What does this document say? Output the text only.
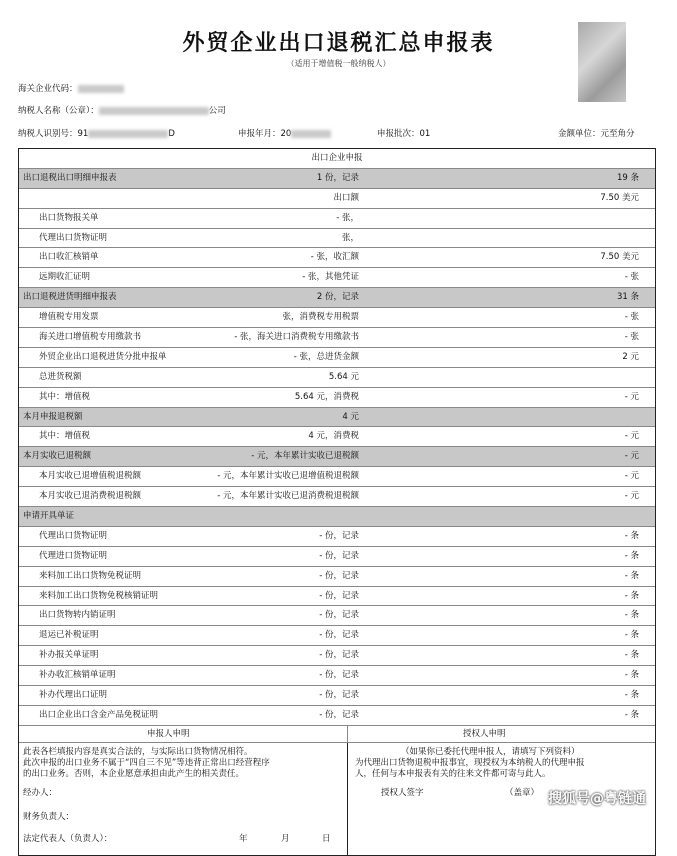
外贸企业出口退税汇总申报表
（适用于增值税一般纳税人）
海关企业代码：
纳税人名称（公章）：	公司
纳税人识别号：91	D	申报年月：20	申报批次：01	金额单位：元至角分
出口企业申报
出口退税出口明细申报表	1 份，记录	19 条
出口额	7.50 美元
出口货物报关单	- 张，
代理出口货物证明	张，
出口收汇核销单	- 张，收汇额	7.50 美元
远期收汇证明	- 张，其他凭证	- 张
出口退税进货明细申报表	2 份，记录	31 条
增值税专用发票	张，消费税专用税票	- 张
海关进口增值税专用缴款书	- 张，海关进口消费税专用缴款书	- 张
外贸企业出口退税进货分批申报单	- 张，总进货金额	2 元
总进货税额	5.64 元
其中：增值税	5.64 元，消费税	- 元
本月申报退税额	4 元
其中：增值税	4 元，消费税	- 元
本月实收已退税额	- 元，本年累计实收已退税额	- 元
本月实收已退增值税退税额	- 元，本年累计实收已退增值税退税额	- 元
本月实收已退消费税退税额	- 元，本年累计实收已退消费税退税额	- 元
申请开具单证
代理出口货物证明	- 份，记录	- 条
代理进口货物证明	- 份，记录	- 条
来料加工出口货物免税证明	- 份，记录	- 条
来料加工出口货物免税核销证明	- 份，记录	- 条
出口货物转内销证明	- 份，记录	- 条
退运已补税证明	- 份，记录	- 条
补办报关单证明	- 份，记录	- 条
补办收汇核销单证明	- 份，记录	- 条
补办代理出口证明	- 份，记录	- 条
出口企业出口含金产品免税证明	- 份，记录	- 条
申报人申明	授权人申明
此表各栏填报内容是真实合法的，与实际出口货物情况相符。
此次申报的出口业务不属于“四自三不见”等违背正常出口经营程序
的出口业务。否则，本企业愿意承担由此产生的相关责任。
经办人：
财务负责人：
法定代表人（负责人）：	年	月	日
（如果你已委托代理申报人，请填写下列资料）
为代理出口货物退税申报事宜，现授权为本纳税人的代理申报
人，任何与本申报表有关的往来文件都可寄与此人。
授权人签字	（盖章） 搜狐号@粤链通
